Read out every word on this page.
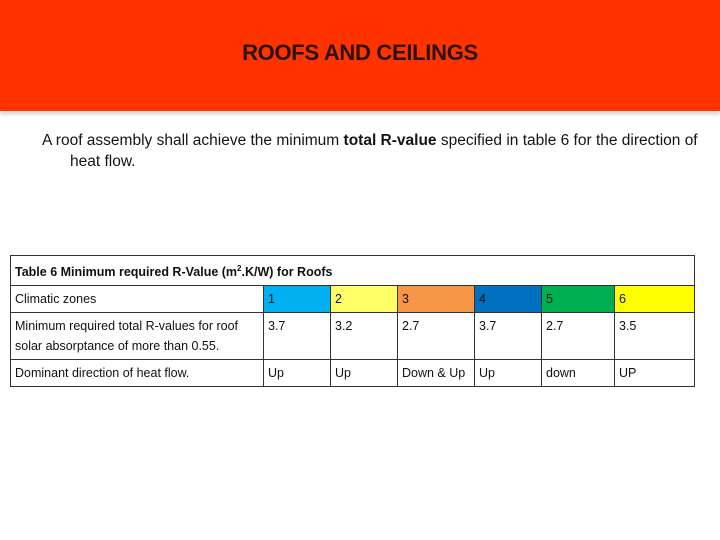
ROOFS AND CEILINGS
A roof assembly shall achieve the minimum total R-value specified in table 6 for the direction of heat flow.
Table 6 Minimum required R-Value $(m^2.K/W)$ for Roofs						
Climatic zones	1	2	3	4	5	6
Minimum required total R-values for roof solar absorptance of more than 0.55.	3.7	3.2	2.7	3.7	2.7	3.5
Dominant direction of heat flow.	Up	Up	Down & Up	Up	down	UP
